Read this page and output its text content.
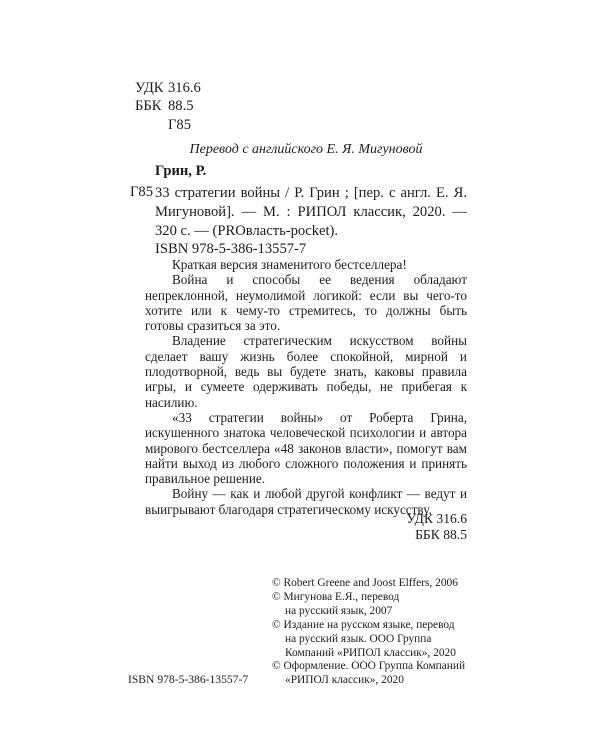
УДК 316.6
ББК 88.5
Г85
Перевод с английского Е. Я. Мигуновой
Грин, Р.
Г85 33 стратегии войны / Р. Грин ; [пер. с англ. Е. Я. Мигуновой]. — М. : РИПОЛ классик, 2020. — 320 с. — (PROвласть-pocket).
ISBN 978-5-386-13557-7

Краткая версия знаменитого бестселлера!

Война и способы ее ведения обладают непреклонной, неумолимой логикой: если вы чего-то хотите или к чему-то стремитесь, то должны быть готовы сразиться за это.

Владение стратегическим искусством войны сделает вашу жизнь более спокойной, мирной и плодотворной, ведь вы будете знать, каковы правила игры, и сумеете одерживать победы, не прибегая к насилию.

«33 стратегии войны» от Роберта Грина, искушенного знатока человеческой психологии и автора мирового бестселлера «48 законов власти», помогут вам найти выход из любого сложного положения и принять правильное решение.

Войну — как и любой другой конфликт — ведут и выигрывают благодаря стратегическому искусству.

УДК 316.6
ББК 88.5
© Robert Greene and Joost Elffers, 2006
© Мигунова Е.Я., перевод
на русский язык, 2007
© Издание на русском языке, перевод
на русский язык. ООО Группа
Компаний «РИПОЛ классик», 2020
© Оформление. ООО Группа Компаний
«РИПОЛ классик», 2020
ISBN 978-5-386-13557-7
